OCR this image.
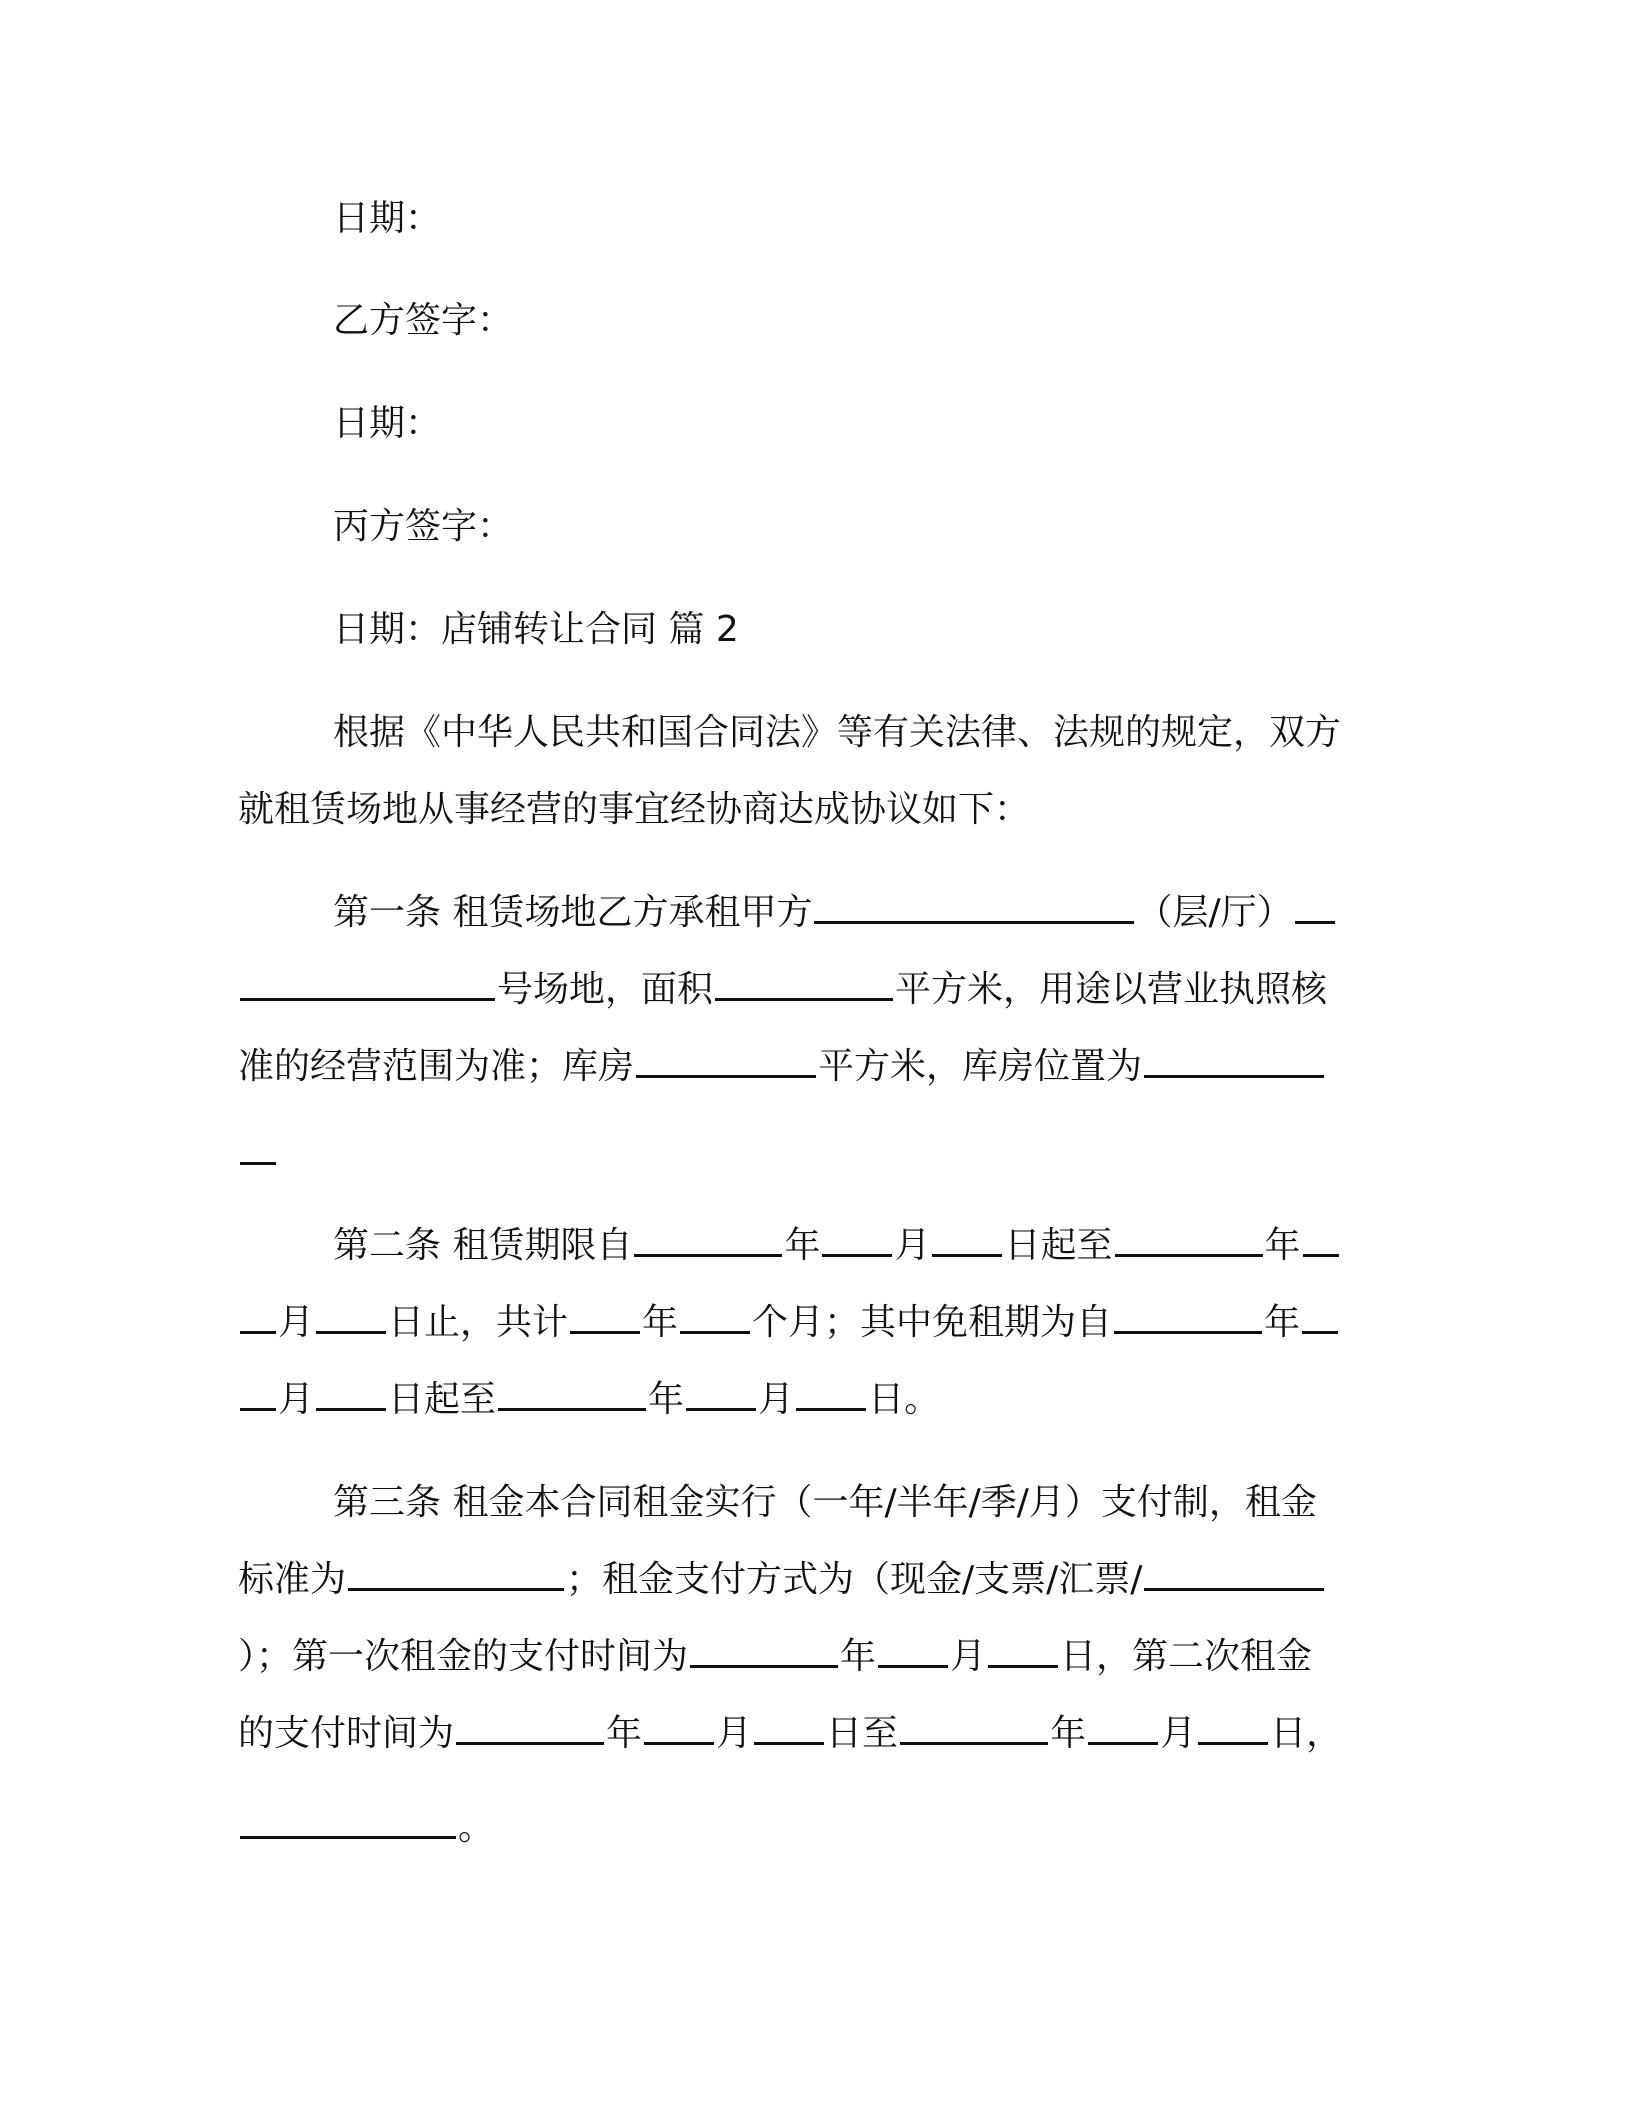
日期：
乙方签字：
日期：
丙方签字：
日期：店铺转让合同 篇 2
根据《中华人民共和国合同法》等有关法律、法规的规定，双方
就租赁场地从事经营的事宜经协商达成协议如下：
第一条 租赁场地乙方承租甲方	（层/厅）
号场地，面积	平方米，用途以营业执照核
准的经营范围为准；库房	平方米，库房位置为
第二条 租赁期限自	年 月 日起至	年
月 日止，共计 年 个月；其中免租期为自	年
月 日起至	年 月 日。
第三条 租金本合同租金实行（一年/半年/季/月）支付制，租金
标准为	；租金支付方式为（现金/支票/汇票/
）；第一次租金的支付时间为	年 月 日，第二次租金
的支付时间为	年 月 日至	年 月 日，
。
